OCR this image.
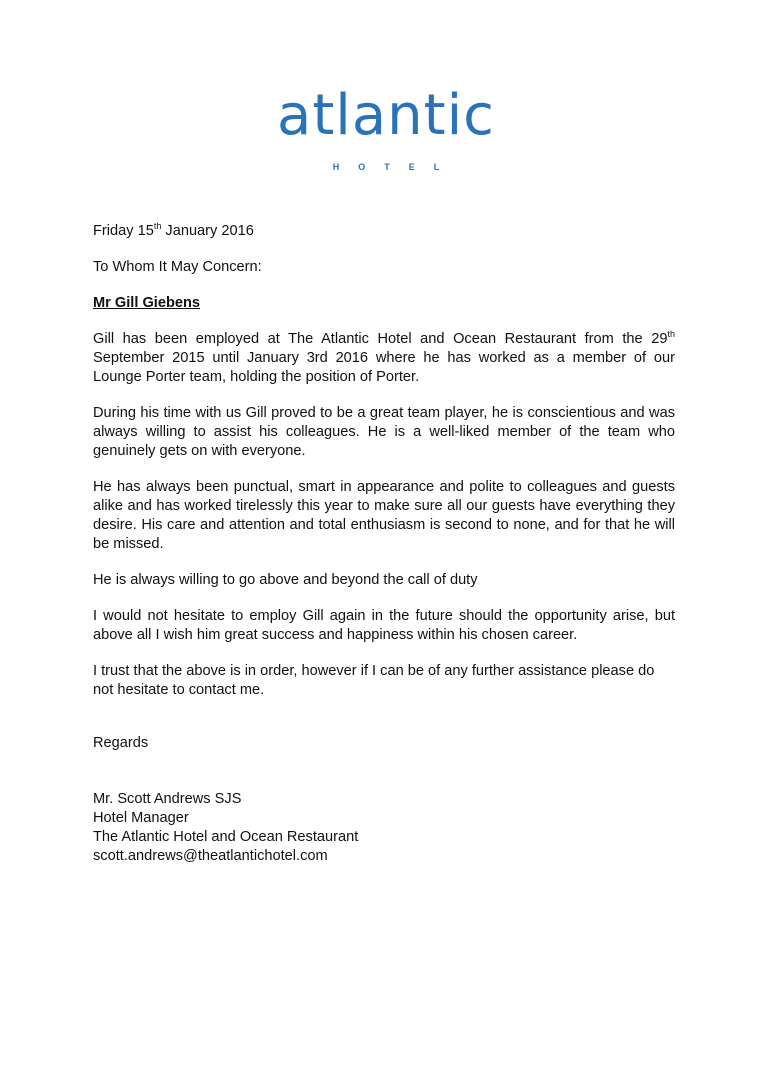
atlantic
HOTEL

Friday 15th January 2016

To Whom It May Concern:

Mr Gill Giebens

Gill has been employed at The Atlantic Hotel and Ocean Restaurant from the 29th September 2015 until January 3rd 2016 where he has worked as a member of our Lounge Porter team, holding the position of Porter.

During his time with us Gill proved to be a great team player, he is conscientious and was always willing to assist his colleagues. He is a well-liked member of the team who genuinely gets on with everyone.

He has always been punctual, smart in appearance and polite to colleagues and guests alike and has worked tirelessly this year to make sure all our guests have everything they desire. His care and attention and total enthusiasm is second to none, and for that he will be missed.

He is always willing to go above and beyond the call of duty

I would not hesitate to employ Gill again in the future should the opportunity arise, but above all I wish him great success and happiness within his chosen career.

I trust that the above is in order, however if I can be of any further assistance please do not hesitate to contact me.

Regards

Mr. Scott Andrews SJS
Hotel Manager
The Atlantic Hotel and Ocean Restaurant
scott.andrews@theatlantichotel.com
